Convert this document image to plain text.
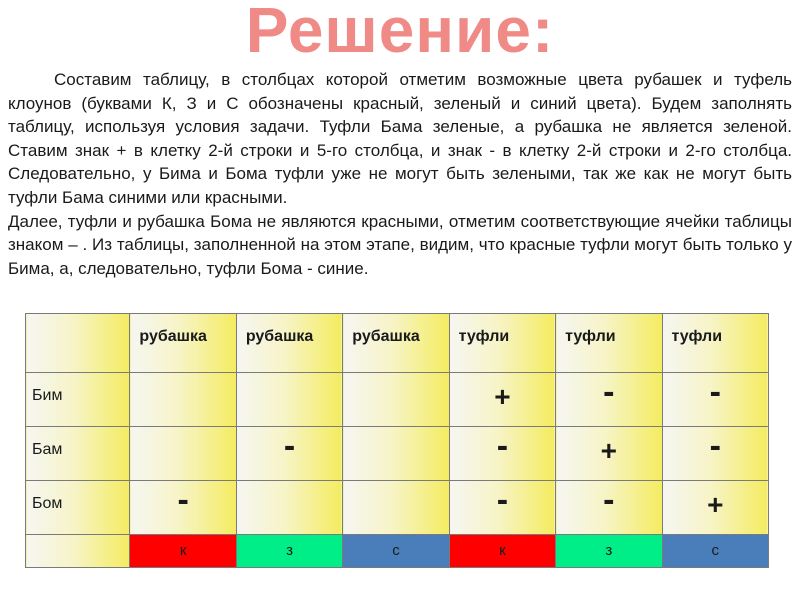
Решение:

Составим таблицу, в столбцах которой отметим возможные цвета рубашек и туфель клоунов (буквами К, З и С обозначены красный, зеленый и синий цвета). Будем заполнять таблицу, используя условия задачи. Туфли Бама зеленые, а рубашка не является зеленой. Ставим знак + в клетку 2-й строки и 5-го столбца, и знак - в клетку 2-й строки и 2-го столбца. Следовательно, у Бима и Бома туфли уже не могут быть зелеными, так же как не могут быть туфли Бама синими или красными.

Далее, туфли и рубашка Бома не являются красными, отметим соответствующие ячейки таблицы знаком – . Из таблицы, заполненной на этом этапе, видим, что красные туфли могут быть только у Бима, а, следовательно, туфли Бома - синие.

	рубашка	рубашка	рубашка	туфли	туфли	туфли

Бим				+	-	-

Бам		-		-	+	-

Бом	-			-	-	+

	к	з	с	к	з	с
